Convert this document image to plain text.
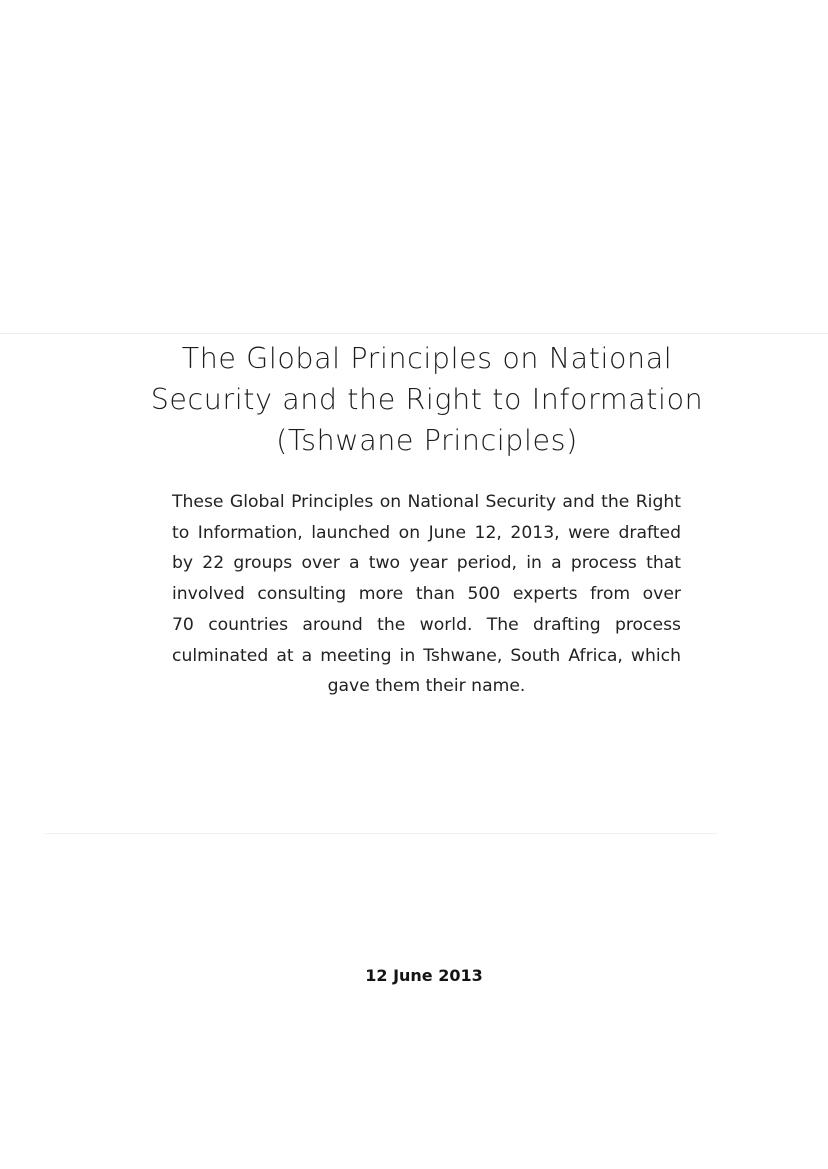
The Global Principles on National
Security and the Right to Information
(Tshwane Principles)
These Global Principles on National Security and the Right
to Information, launched on June 12, 2013, were drafted
by 22 groups over a two year period, in a process that
involved consulting more than 500 experts from over
70 countries around the world. The drafting process
culminated at a meeting in Tshwane, South Africa, which
gave them their name.
12 June 2013
